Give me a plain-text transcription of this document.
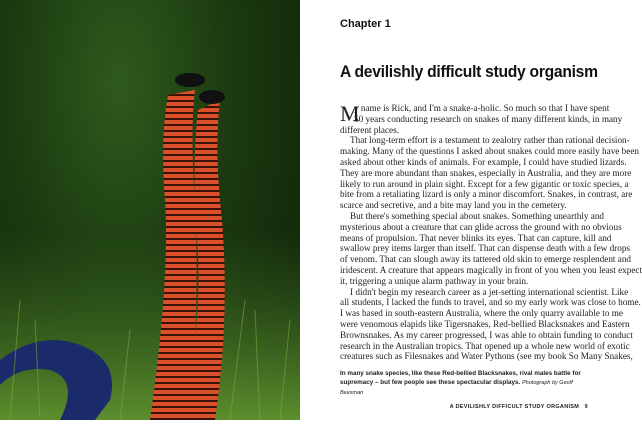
Chapter 1
A devilishly difficult study organism
M
y name is Rick, and I'm a snake-a-holic. So much so that I have spent
50 years conducting research on snakes of many different kinds, in many
different places.
That long-term effort is a testament to zealotry rather than rational decision-
making. Many of the questions I asked about snakes could more easily have been
asked about other kinds of animals. For example, I could have studied lizards.
They are more abundant than snakes, especially in Australia, and they are more
likely to run around in plain sight. Except for a few gigantic or toxic species, a
bite from a retaliating lizard is only a minor discomfort. Snakes, in contrast, are
scarce and secretive, and a bite may land you in the cemetery.
But there's something special about snakes. Something unearthly and
mysterious about a creature that can glide across the ground with no obvious
means of propulsion. That never blinks its eyes. That can capture, kill and
swallow prey items larger than itself. That can dispense death with a few drops
of venom. That can slough away its tattered old skin to emerge resplendent and
iridescent. A creature that appears magically in front of you when you least expect
it, triggering a unique alarm pathway in your brain.
I didn't begin my research career as a jet-setting international scientist. Like
all students, I lacked the funds to travel, and so my early work was close to home.
I was based in south-eastern Australia, where the only quarry available to me
were venomous elapids like Tigersnakes, Red-bellied Blacksnakes and Eastern
Brownsnakes. As my career progressed, I was able to obtain funding to conduct
research in the Australian tropics. That opened up a whole new world of exotic
creatures such as Filesnakes and Water Pythons (see my book So Many Snakes,
In many snake species, like these Red-bellied Blacksnakes, rival males battle for supremacy – but few people see these spectacular displays. Photograph by Geoff Beesman
A DEVILISHLY DIFFICULT STUDY ORGANISM 9
